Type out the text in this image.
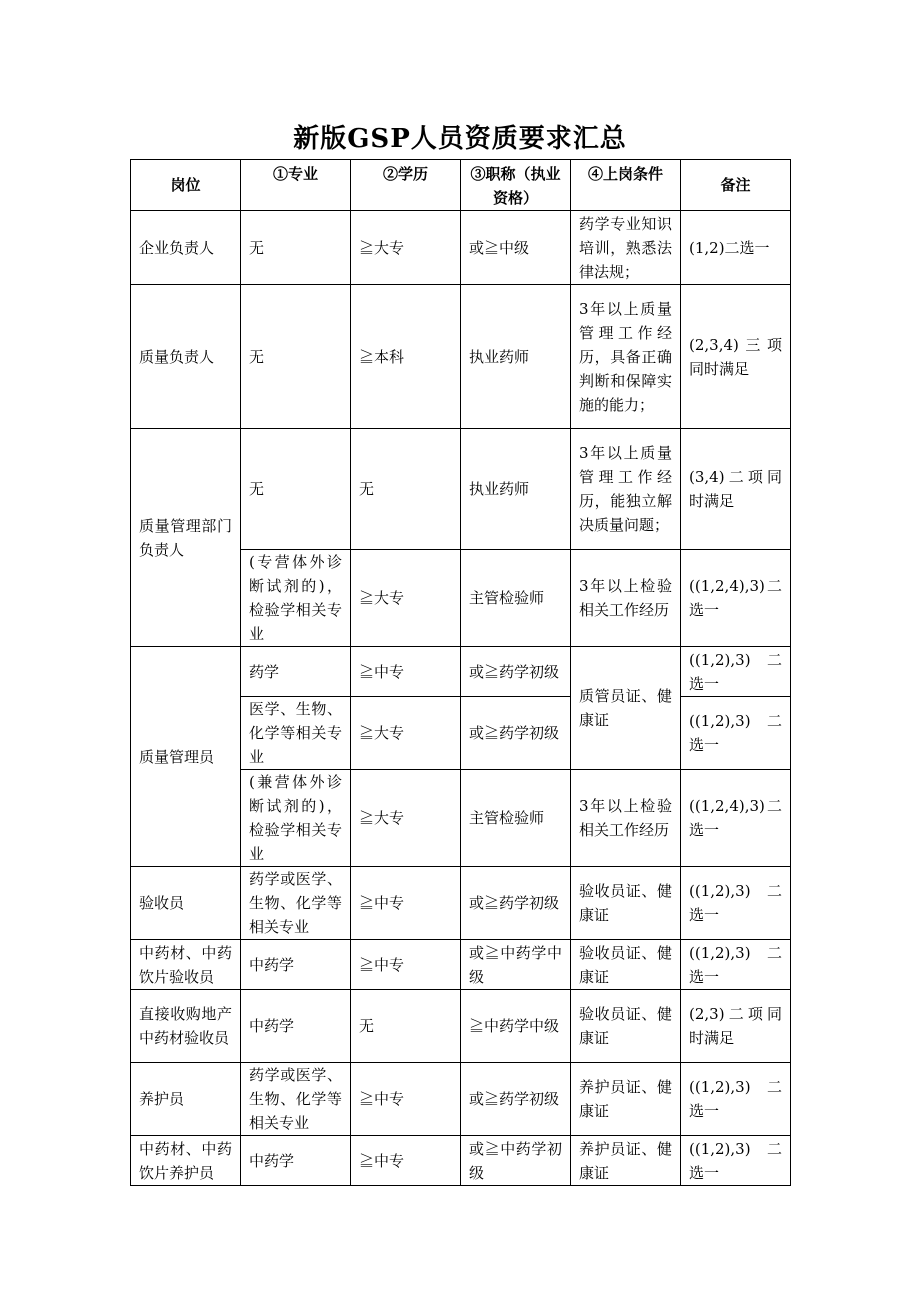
新版GSP人员资质要求汇总
岗位	①专业	②学历	③职称（执业资格）	④上岗条件	备注
企业负责人	无	≧大专	或≧中级	药学专业知识培训，熟悉法律法规；	(1,2)二选一
质量负责人	无	≧本科	执业药师	3年以上质量管理工作经历，具备正确判断和保障实施的能力；	(2,3,4)三项同时满足
质量管理部门负责人	无	无	执业药师	3年以上质量管理工作经历，能独立解决质量问题；	(3,4)二项同时满足
	(专营体外诊断试剂的)，检验学相关专业	≧大专	主管检验师	3年以上检验相关工作经历	((1,2,4),3)二选一
质量管理员	药学	≧中专	或≧药学初级	质管员证、健康证	((1,2),3) 二选一
	医学、生物、化学等相关专业	≧大专	或≧药学初级		((1,2),3) 二选一
	(兼营体外诊断试剂的)，检验学相关专业	≧大专	主管检验师	3年以上检验相关工作经历	((1,2,4),3)二选一
验收员	药学或医学、生物、化学等相关专业	≧中专	或≧药学初级	验收员证、健康证	((1,2),3) 二选一
中药材、中药饮片验收员	中药学	≧中专	或≧中药学中级	验收员证、健康证	((1,2),3) 二选一
直接收购地产中药材验收员	中药学	无	≧中药学中级	验收员证、健康证	(2,3)二项同时满足
养护员	药学或医学、生物、化学等相关专业	≧中专	或≧药学初级	养护员证、健康证	((1,2),3) 二选一
中药材、中药饮片养护员	中药学	≧中专	或≧中药学初级	养护员证、健康证	((1,2),3) 二选一
